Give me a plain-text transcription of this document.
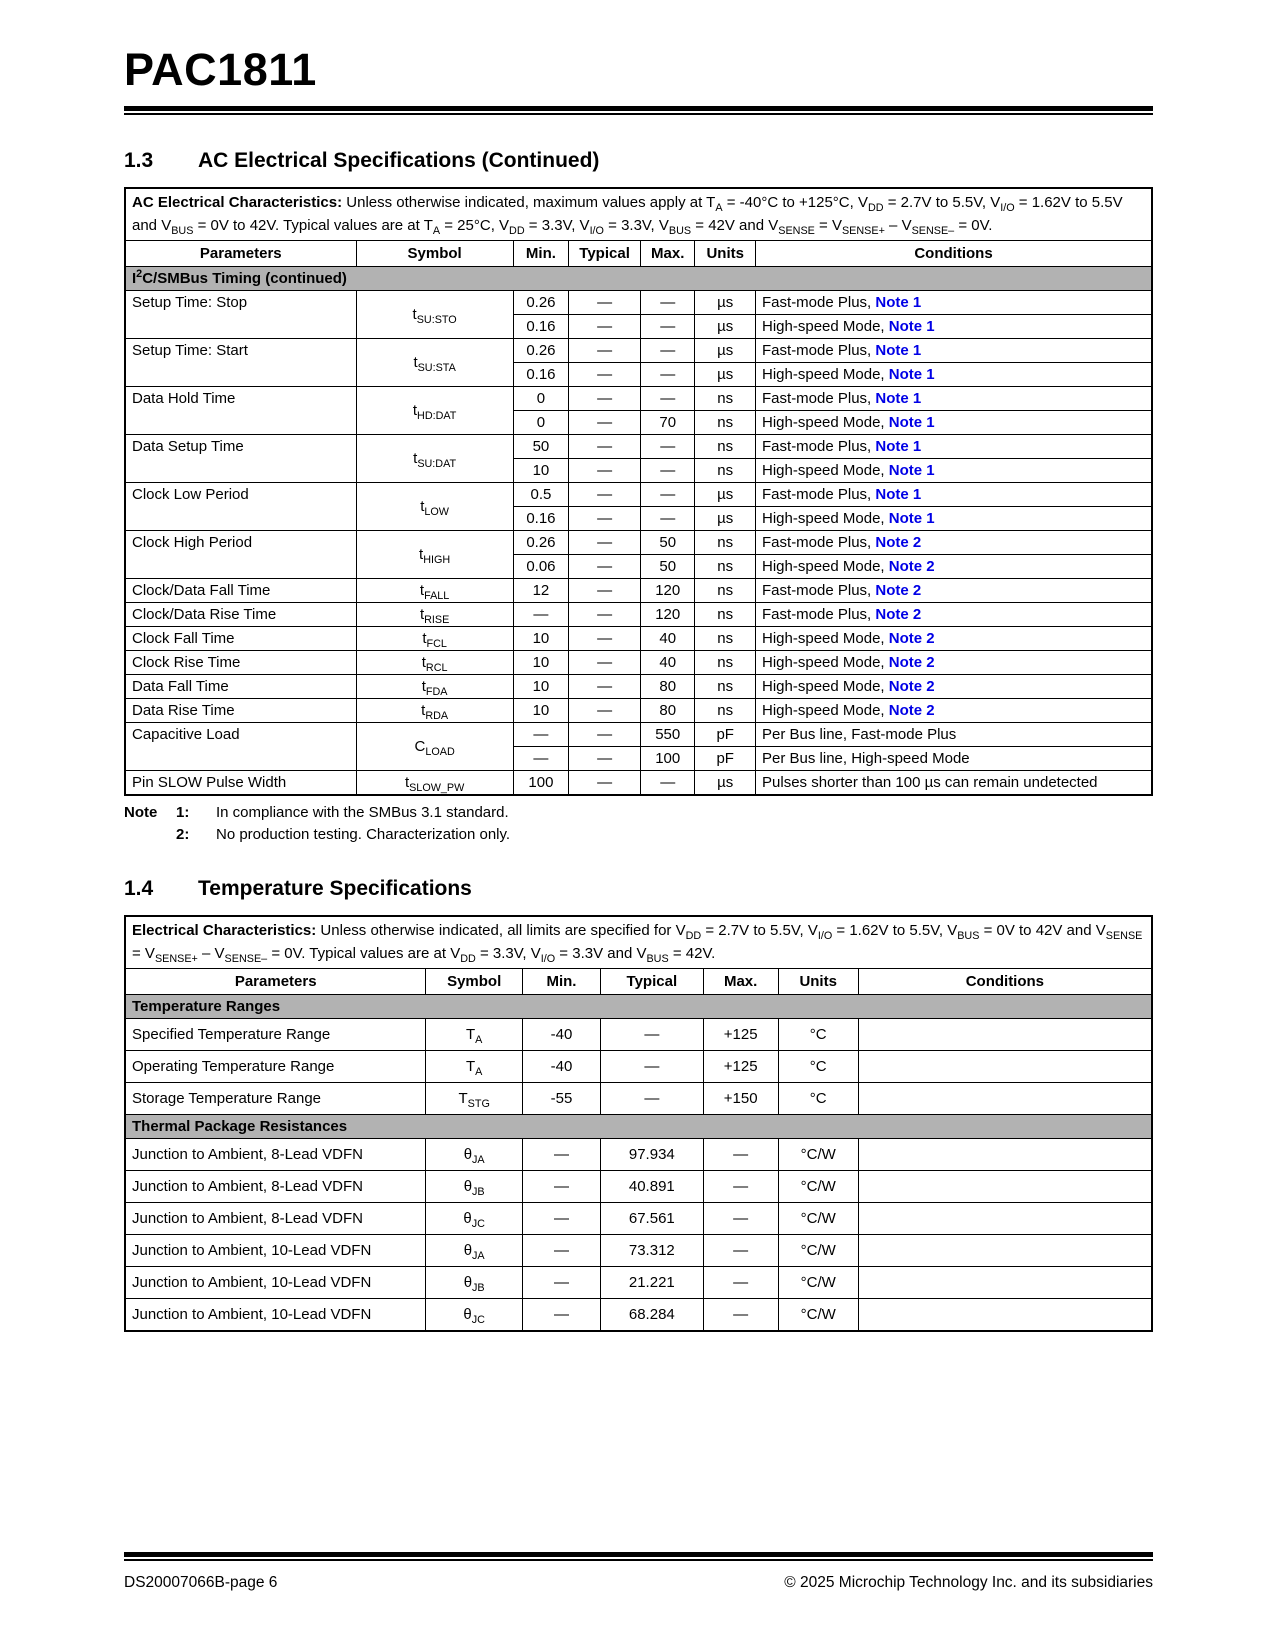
PAC1811
1.3	AC Electrical Specifications (Continued)
AC Electrical Characteristics: Unless otherwise indicated, maximum values apply at $T_A = -40^\circ C$ to +125°C, $V_{DD} = 2.7V$ to 5.5V, $V_{I/O} = 1.62V$ to 5.5V and $V_{BUS} = 0V$ to 42V. Typical values are at $T_A = 25^\circ C$, $V_{DD} = 3.3V$, $V_{I/O} = 3.3V$, $V_{BUS} = 42V$ and $V_{SENSE} = V_{SENSE+} - V_{SENSE-} = 0V$.						
Parameters	Symbol	Min.	Typical	Max.	Units	Conditions
$I^2C$/SMBus Timing (continued)						
Setup Time: Stop	$t_{SU:STO}$	0.26	—	—	µs	Fast-mode Plus, Note 1
		0.16	—	—	µs	High-speed Mode, Note 1
Setup Time: Start	$t_{SU:STA}$	0.26	—	—	µs	Fast-mode Plus, Note 1
		0.16	—	—	µs	High-speed Mode, Note 1
Data Hold Time	$t_{HD:DAT}$	0	—	—	ns	Fast-mode Plus, Note 1
		0	—	70	ns	High-speed Mode, Note 1
Data Setup Time	$t_{SU:DAT}$	50	—	—	ns	Fast-mode Plus, Note 1
		10	—	—	ns	High-speed Mode, Note 1
Clock Low Period	$t_{LOW}$	0.5	—	—	µs	Fast-mode Plus, Note 1
		0.16	—	—	µs	High-speed Mode, Note 1
Clock High Period	$t_{HIGH}$	0.26	—	50	ns	Fast-mode Plus, Note 2
		0.06	—	50	ns	High-speed Mode, Note 2
Clock/Data Fall Time	$t_{FALL}$	12	—	120	ns	Fast-mode Plus, Note 2
Clock/Data Rise Time	$t_{RISE}$	—	—	120	ns	Fast-mode Plus, Note 2
Clock Fall Time	$t_{FCL}$	10	—	40	ns	High-speed Mode, Note 2
Clock Rise Time	$t_{RCL}$	10	—	40	ns	High-speed Mode, Note 2
Data Fall Time	$t_{FDA}$	10	—	80	ns	High-speed Mode, Note 2
Data Rise Time	$t_{RDA}$	10	—	80	ns	High-speed Mode, Note 2
Capacitive Load	$C_{LOAD}$	—	—	550	pF	Per Bus line, Fast-mode Plus
		—	—	100	pF	Per Bus line, High-speed Mode
Pin SLOW Pulse Width	$t_{SLOW\_PW}$	100	—	—	µs	Pulses shorter than 100 µs can remain undetected
Note	1:	In compliance with the SMBus 3.1 standard.
2:	No production testing. Characterization only.
1.4	Temperature Specifications
Electrical Characteristics: Unless otherwise indicated, all limits are specified for $V_{DD} = 2.7V$ to 5.5V, $V_{I/O} = 1.62V$ to 5.5V, $V_{BUS} = 0V$ to 42V and $V_{SENSE} = V_{SENSE+} - V_{SENSE-} = 0V$. Typical values are at $V_{DD} = 3.3V$, $V_{I/O} = 3.3V$ and $V_{BUS} = 42V$.						
Parameters	Symbol	Min.	Typical	Max.	Units	Conditions
Temperature Ranges						
Specified Temperature Range	$T_A$	-40	—	+125	°C	
Operating Temperature Range	$T_A$	-40	—	+125	°C	
Storage Temperature Range	$T_{STG}$	-55	—	+150	°C	
Thermal Package Resistances						
Junction to Ambient, 8-Lead VDFN	$\theta_{JA}$	—	97.934	—	°C/W	
Junction to Ambient, 8-Lead VDFN	$\theta_{JB}$	—	40.891	—	°C/W	
Junction to Ambient, 8-Lead VDFN	$\theta_{JC}$	—	67.561	—	°C/W	
Junction to Ambient, 10-Lead VDFN	$\theta_{JA}$	—	73.312	—	°C/W	
Junction to Ambient, 10-Lead VDFN	$\theta_{JB}$	—	21.221	—	°C/W	
Junction to Ambient, 10-Lead VDFN	$\theta_{JC}$	—	68.284	—	°C/W	
DS20007066B-page 6	© 2025 Microchip Technology Inc. and its subsidiaries
